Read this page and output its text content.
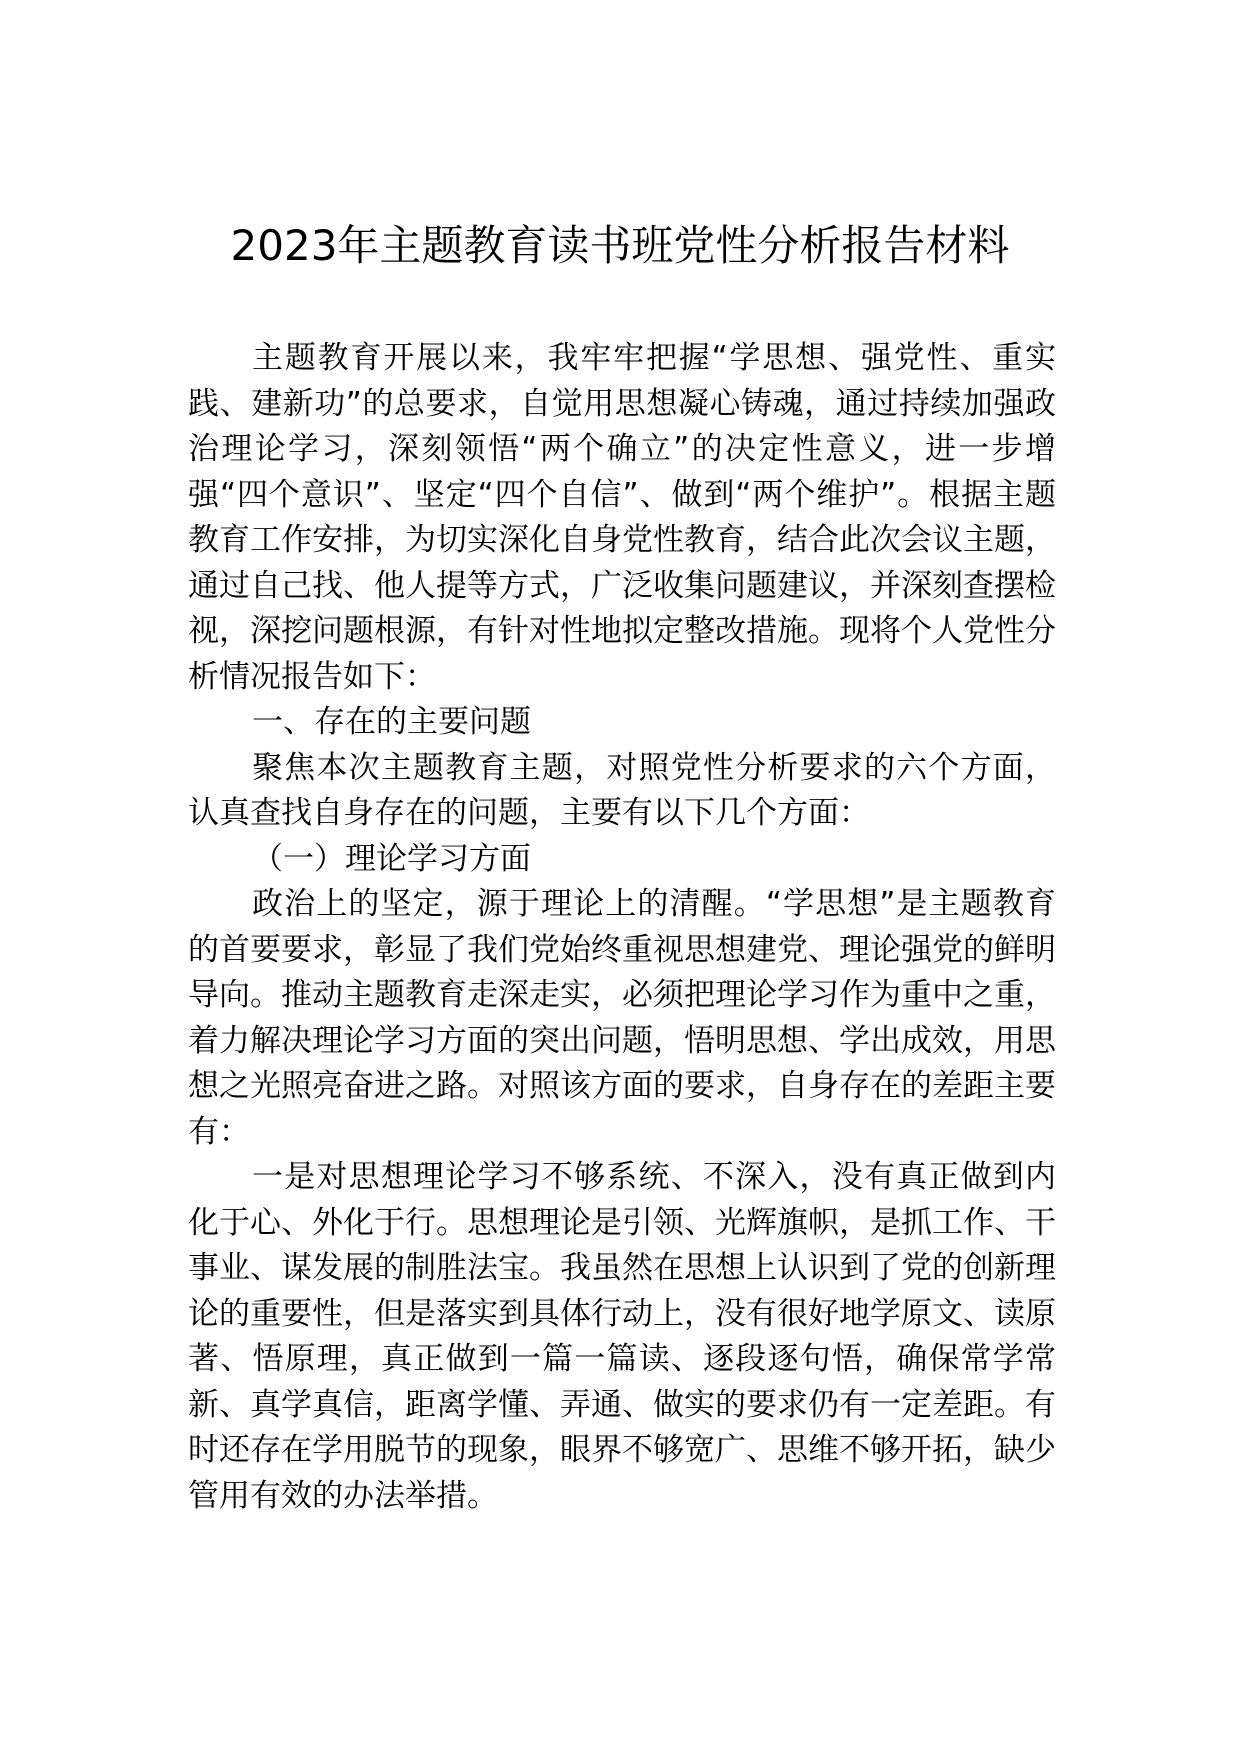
2023年主题教育读书班党性分析报告材料

主题教育开展以来，我牢牢把握“学思想、强党性、重实践、建新功”的总要求，自觉用思想凝心铸魂，通过持续加强政治理论学习，深刻领悟“两个确立”的决定性意义，进一步增强“四个意识”、坚定“四个自信”、做到“两个维护”。根据主题教育工作安排，为切实深化自身党性教育，结合此次会议主题，通过自己找、他人提等方式，广泛收集问题建议，并深刻查摆检视，深挖问题根源，有针对性地拟定整改措施。现将个人党性分析情况报告如下：

一、存在的主要问题

聚焦本次主题教育主题，对照党性分析要求的六个方面，认真查找自身存在的问题，主要有以下几个方面：

（一）理论学习方面

政治上的坚定，源于理论上的清醒。“学思想”是主题教育的首要要求，彰显了我们党始终重视思想建党、理论强党的鲜明导向。推动主题教育走深走实，必须把理论学习作为重中之重，着力解决理论学习方面的突出问题，悟明思想、学出成效，用思想之光照亮奋进之路。对照该方面的要求，自身存在的差距主要有：

一是对思想理论学习不够系统、不深入，没有真正做到内化于心、外化于行。思想理论是引领、光辉旗帜，是抓工作、干事业、谋发展的制胜法宝。我虽然在思想上认识到了党的创新理论的重要性，但是落实到具体行动上，没有很好地学原文、读原著、悟原理，真正做到一篇一篇读、逐段逐句悟，确保常学常新、真学真信，距离学懂、弄通、做实的要求仍有一定差距。有时还存在学用脱节的现象，眼界不够宽广、思维不够开拓，缺少管用有效的办法举措。
